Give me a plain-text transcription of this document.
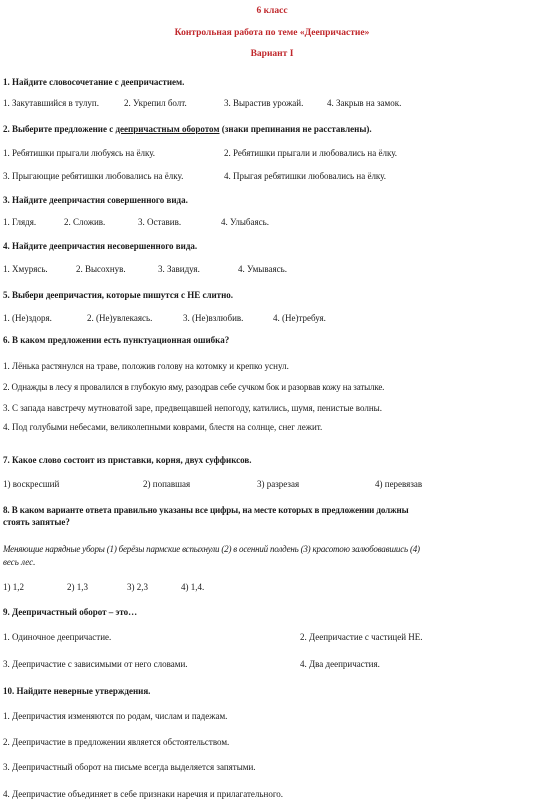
6 класс
Контрольная работа по теме «Деепричастие»
Вариант I
1. Найдите словосочетание с деепричастием.
1. Закутавшийся в тулуп.	2. Укрепил болт.	3. Вырастив урожай.	4. Закрыв на замок.
2. Выберите предложение с деепричастным оборотом (знаки препинания не расставлены).
1. Ребятишки прыгали любуясь на ёлку.	2. Ребятишки прыгали и любовались на ёлку.
3. Прыгающие ребятишки любовались на ёлку.	4. Прыгая ребятишки любовались на ёлку.
3. Найдите деепричастия совершенного вида.
1. Глядя.	2. Сложив.	3. Оставив.	4. Улыбаясь.
4. Найдите деепричастия несовершенного вида.
1. Хмурясь.	2. Высохнув.	3. Завидуя.	4. Умываясь.
5. Выбери деепричастия, которые пишутся с НЕ слитно.
1. (Не)здоря.	2. (Не)увлекаясь.	3. (Не)взлюбив.	4. (Не)требуя.
6. В каком предложении есть пунктуационная ошибка?
1. Лёнька растянулся на траве, положив голову на котомку и крепко уснул.
2. Однажды в лесу я провалился в глубокую яму, разодрав себе сучком бок и разорвав кожу на затылке.
3. С запада навстречу мутноватой заре, предвещавшей непогоду, катились, шумя, пенистые волны.
4. Под голубыми небесами, великолепными коврами, блестя на солнце, снег лежит.
7. Какое слово состоит из приставки, корня, двух суффиксов.
1) воскресший	2) попавшая	3) разрезая	4) перевязав
8. В каком варианте ответа правильно указаны все цифры, на месте которых в предложении должны
стоять запятые?
Меняющие нарядные уборы (1) берёзы пармские вспыхнули (2) в осенний полдень (3) красотою залюбовавшись (4)
весь лес.
1) 1,2	2) 1,3	3) 2,3	4) 1,4.
9. Деепричастный оборот – это…
1. Одиночное деепричастие.	2. Деепричастие с частицей НЕ.
3. Деепричастие с зависимыми от него словами.	4. Два деепричастия.
10. Найдите неверные утверждения.
1. Деепричастия изменяются по родам, числам и падежам.
2. Деепричастие в предложении является обстоятельством.
3. Деепричастный оборот на письме всегда выделяется запятыми.
4. Деепричастие объединяет в себе признаки наречия и прилагательного.
